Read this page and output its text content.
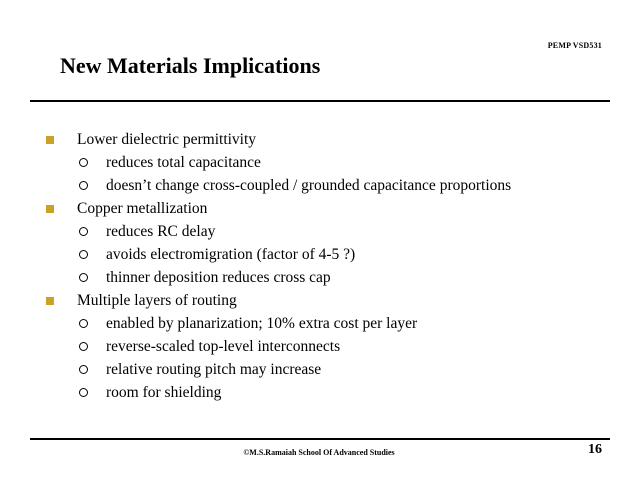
PEMP VSD531
New Materials Implications
Lower dielectric permittivity
reduces total capacitance
doesn’t change cross-coupled / grounded capacitance proportions
Copper metallization
reduces RC delay
avoids electromigration (factor of 4-5 ?)
thinner deposition reduces cross cap
Multiple layers of routing
enabled by planarization; 10% extra cost per layer
reverse-scaled top-level interconnects
relative routing pitch may increase
room for shielding
©M.S.Ramaiah School Of Advanced Studies	16
